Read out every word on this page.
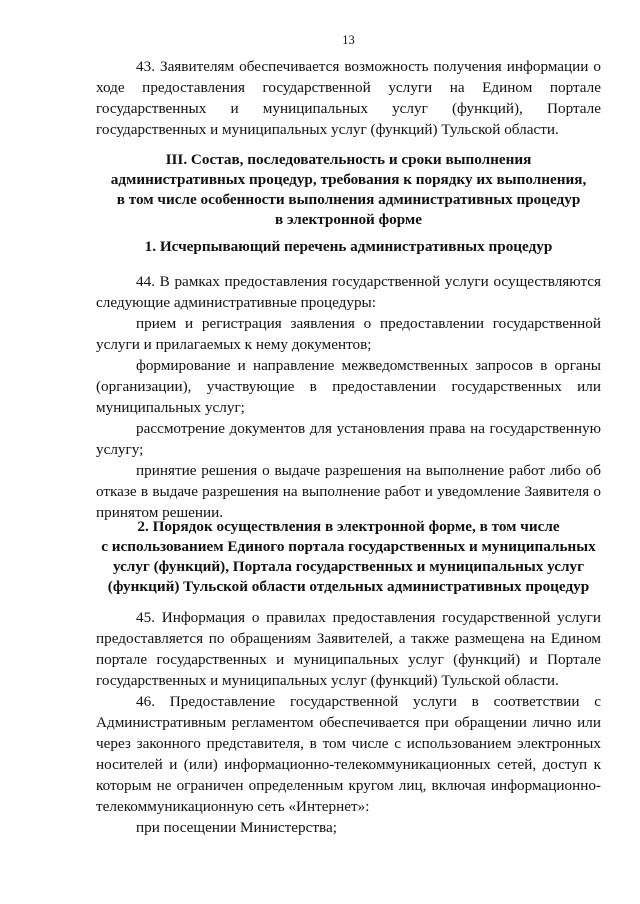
13

43. Заявителям обеспечивается возможность получения информации о ходе предоставления государственной услуги на Едином портале государственных и муниципальных услуг (функций), Портале государственных и муниципальных услуг (функций) Тульской области.

III. Состав, последовательность и сроки выполнения

административных процедур, требования к порядку их выполнения,

в том числе особенности выполнения административных процедур

в электронной форме

1. Исчерпывающий перечень административных процедур

44. В рамках предоставления государственной услуги осуществляются следующие административные процедуры:

прием и регистрация заявления о предоставлении государственной услуги и прилагаемых к нему документов;

формирование и направление межведомственных запросов в органы (организации), участвующие в предоставлении государственных или муниципальных услуг;

рассмотрение документов для установления права на государственную услугу;

принятие решения о выдаче разрешения на выполнение работ либо об отказе в выдаче разрешения на выполнение работ и уведомление Заявителя о принятом решении.

2. Порядок осуществления в электронной форме, в том числе

с использованием Единого портала государственных и муниципальных

услуг (функций), Портала государственных и муниципальных услуг

(функций) Тульской области отдельных административных процедур

45. Информация о правилах предоставления государственной услуги предоставляется по обращениям Заявителей, а также размещена на Едином портале государственных и муниципальных услуг (функций) и Портале государственных и муниципальных услуг (функций) Тульской области.

46. Предоставление государственной услуги в соответствии с Административным регламентом обеспечивается при обращении лично или через законного представителя, в том числе с использованием электронных носителей и (или) информационно-телекоммуникационных сетей, доступ к которым не ограничен определенным кругом лиц, включая информационно-телекоммуникационную сеть «Интернет»:

при посещении Министерства;
